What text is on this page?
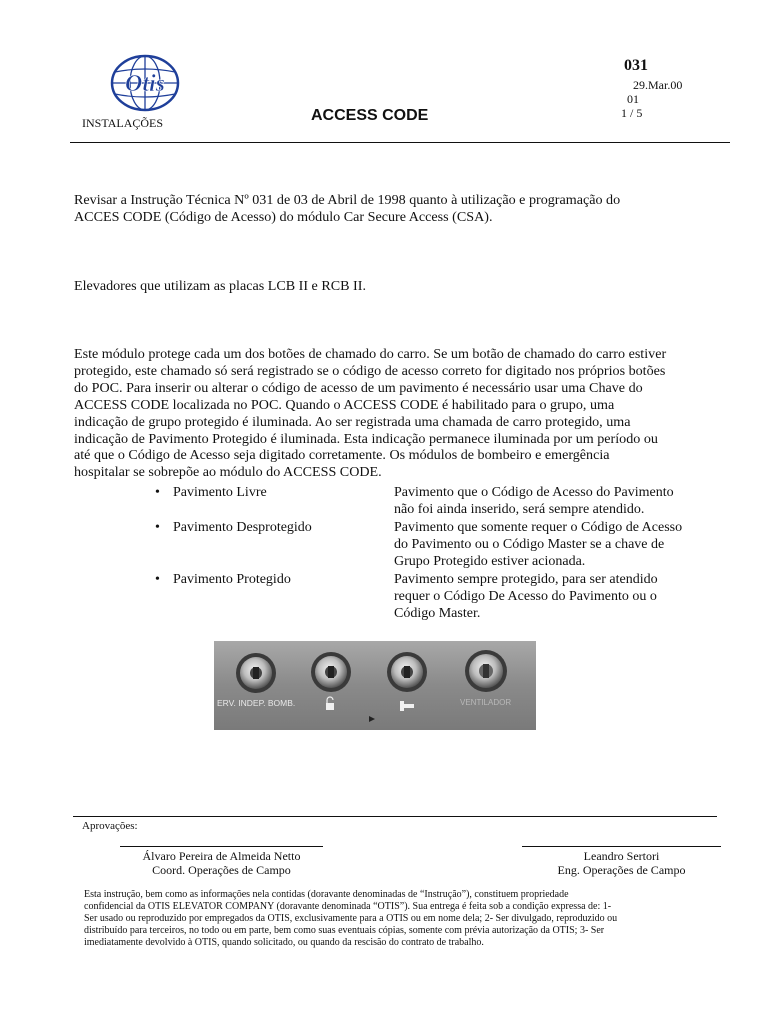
Otis
INSTALAÇÕES	ACCESS CODE
031
29.Mar.00
01
1 / 5
Revisar a Instrução Técnica Nº 031 de 03 de Abril de 1998 quanto à utilização e programação do
ACCES CODE (Código de Acesso) do módulo Car Secure Access (CSA).
Elevadores que utilizam as placas LCB II e RCB II.
Este módulo protege cada um dos botões de chamado do carro. Se um botão de chamado do carro estiver
protegido, este chamado só será registrado se o código de acesso correto for digitado nos próprios botões
do POC. Para inserir ou alterar o código de acesso de um pavimento é necessário usar uma Chave do
ACCESS CODE localizada no POC. Quando o ACCESS CODE é habilitado para o grupo, uma
indicação de grupo protegido é iluminada. Ao ser registrada uma chamada de carro protegido, uma
indicação de Pavimento Protegido é iluminada. Esta indicação permanece iluminada por um período ou
até que o Código de Acesso seja digitado corretamente. Os módulos de bombeiro e emergência
hospitalar se sobrepõe ao módulo do ACCESS CODE.
• Pavimento Livre	Pavimento que o Código de Acesso do Pavimento
não foi ainda inserido, será sempre atendido.
• Pavimento Desprotegido	Pavimento que somente requer o Código de Acesso
do Pavimento ou o Código Master se a chave de
Grupo Protegido estiver acionada.
• Pavimento Protegido	Pavimento sempre protegido, para ser atendido
requer o Código De Acesso do Pavimento ou o
Código Master.
ERV. INDEP. BOMB.	VENTILADOR
Aprovações:
Álvaro Pereira de Almeida Netto
Coord. Operações de Campo
Leandro Sertori
Eng. Operações de Campo
Esta instrução, bem como as informações nela contidas (doravante denominadas de “Instrução”), constituem propriedade
confidencial da OTIS ELEVATOR COMPANY (doravante denominada “OTIS”). Sua entrega é feita sob a condição expressa de: 1-
Ser usado ou reproduzido por empregados da OTIS, exclusivamente para a OTIS ou em nome dela; 2- Ser divulgado, reproduzido ou
distribuído para terceiros, no todo ou em parte, bem como suas eventuais cópias, somente com prévia autorização da OTIS; 3- Ser
imediatamente devolvido à OTIS, quando solicitado, ou quando da rescisão do contrato de trabalho.
